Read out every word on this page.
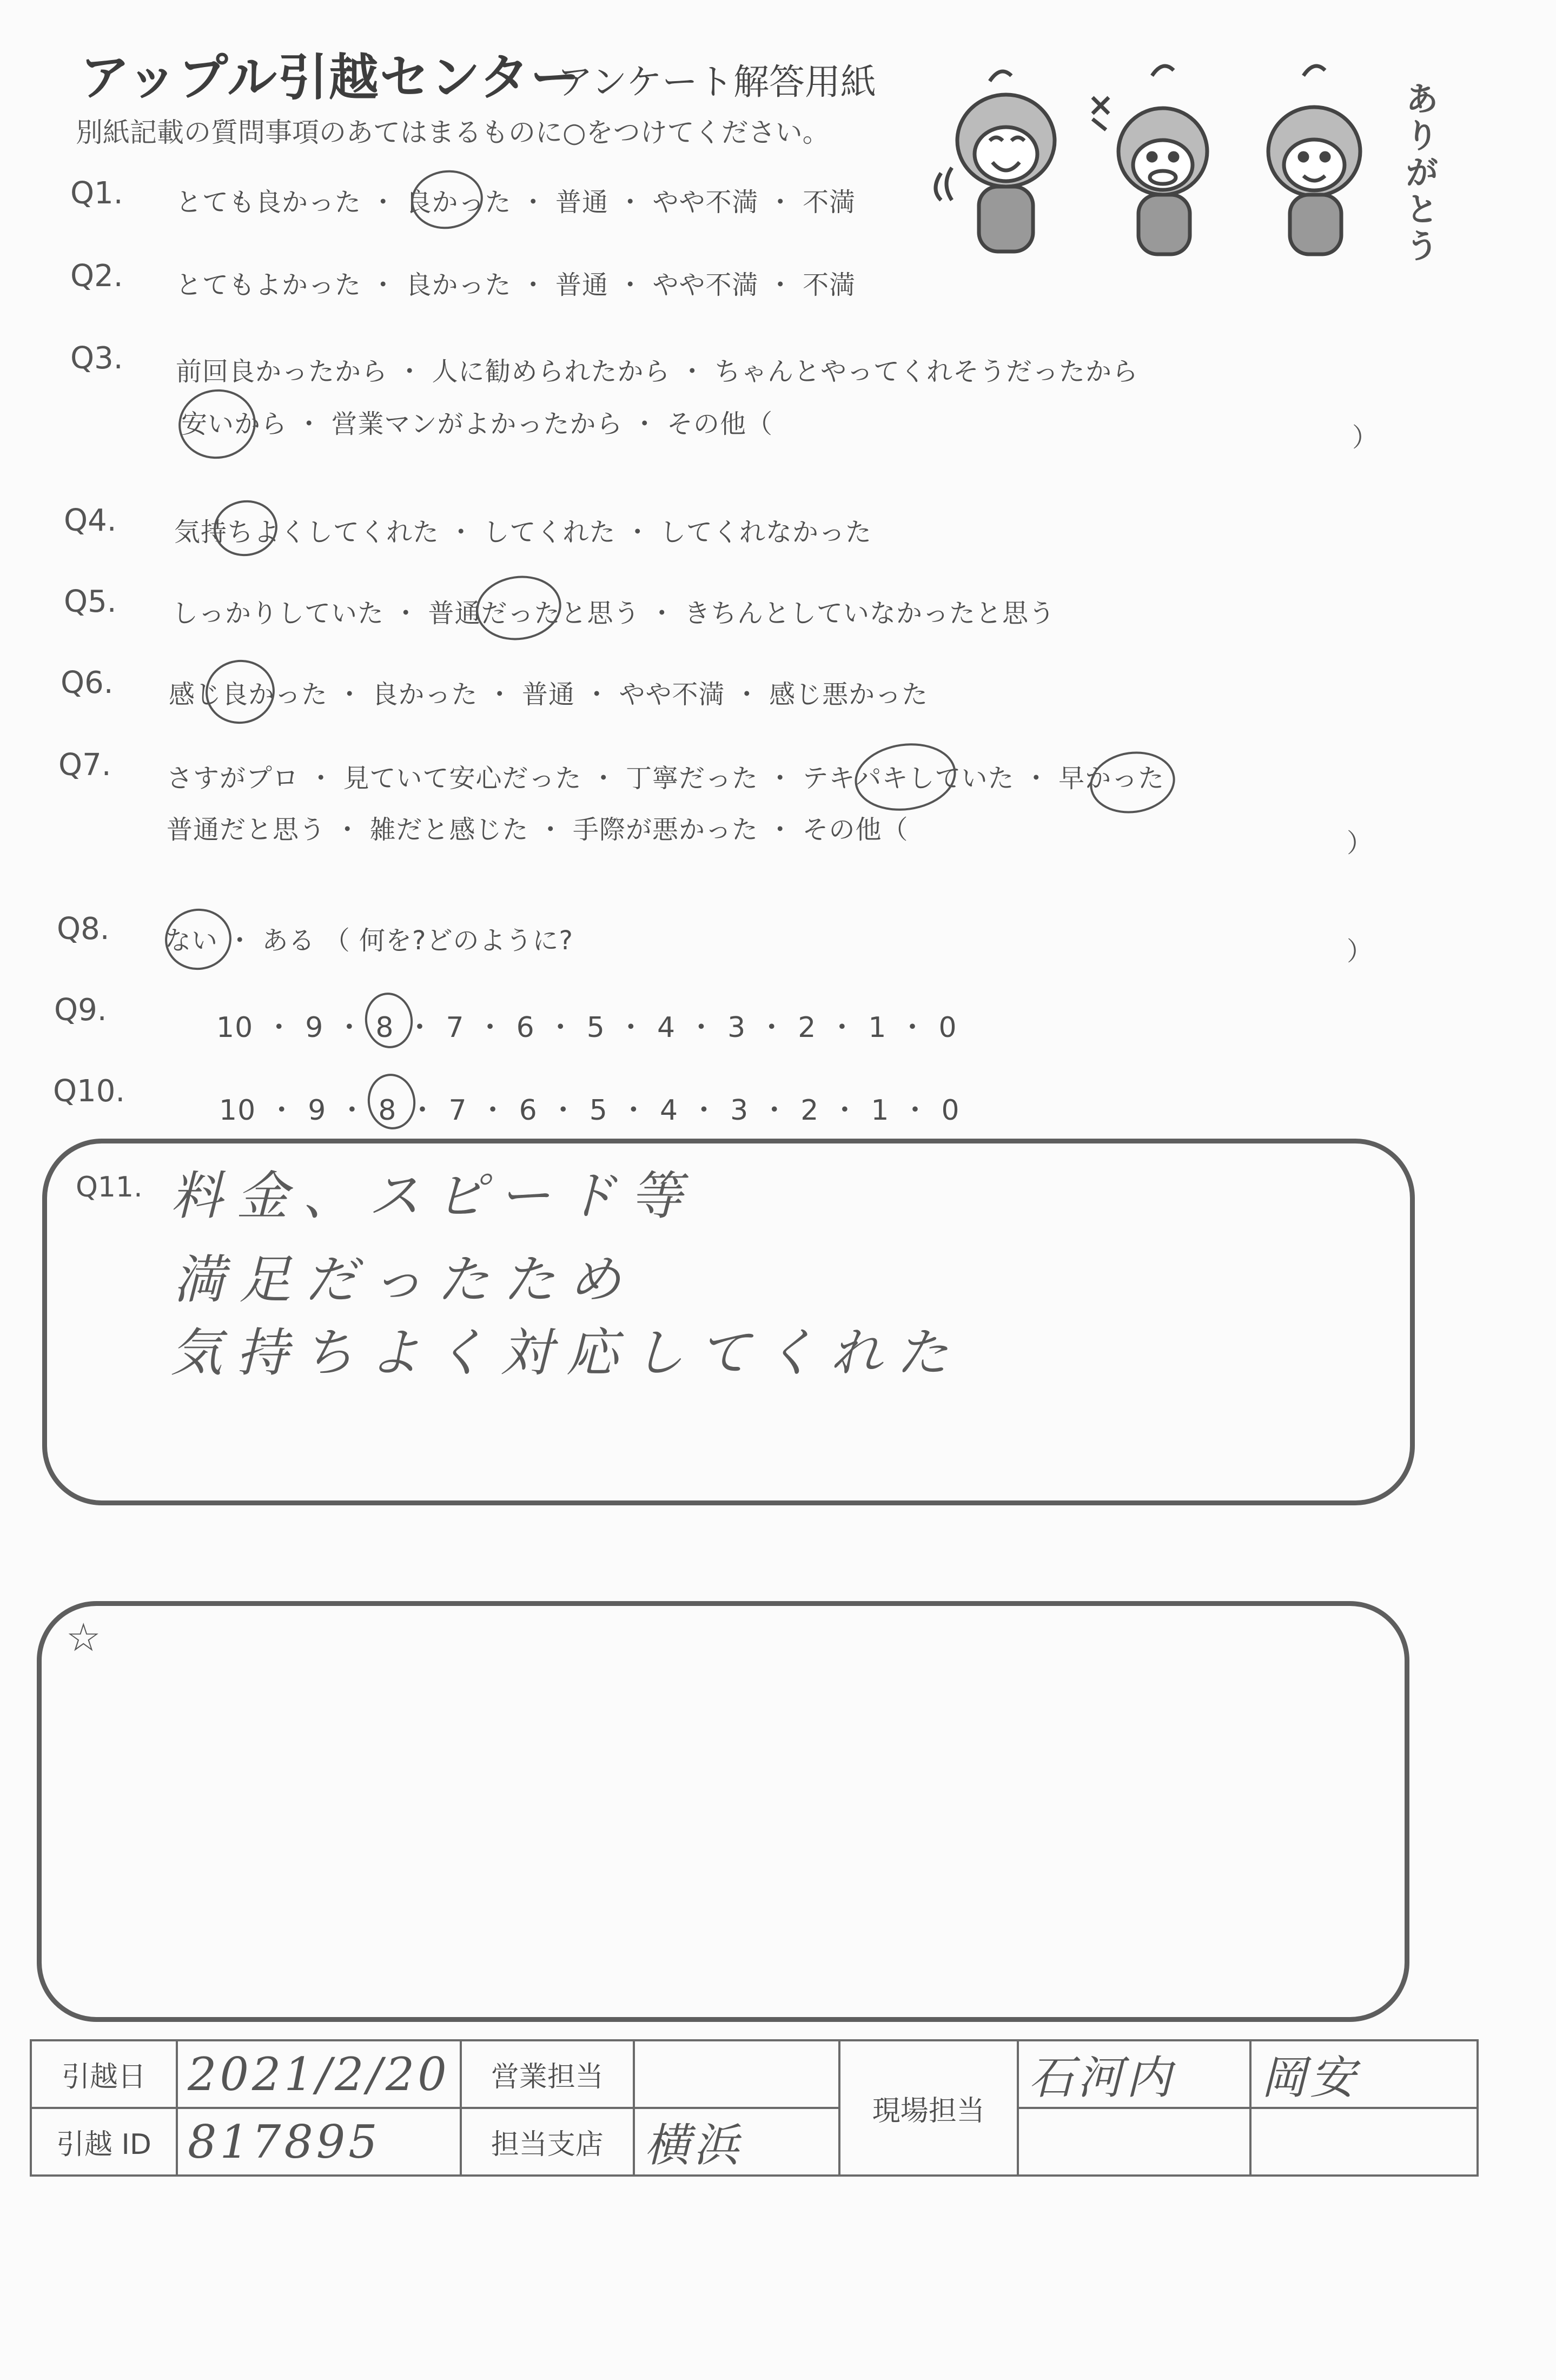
アップル引越センター
アンケート解答用紙
別紙記載の質問事項のあてはまるものに○をつけてください。	ありがとう
Q1. とても良かった ・ 良かった ・ 普通 ・ やや不満 ・ 不満
Q2. とてもよかった ・ 良かった ・ 普通 ・ やや不満 ・ 不満
Q3. 前回良かったから ・ 人に勧められたから ・ ちゃんとやってくれそうだったから
安いから ・ 営業マンがよかったから ・ その他（	）
Q4. 気持ちよくしてくれた ・ してくれた ・ してくれなかった
Q5. しっかりしていた ・ 普通だったと思う ・ きちんとしていなかったと思う
Q6. 感じ良かった ・ 良かった ・ 普通 ・ やや不満 ・ 感じ悪かった
Q7. さすがプロ ・ 見ていて安心だった ・ 丁寧だった ・ テキパキしていた ・ 早かった
普通だと思う ・ 雑だと感じた ・ 手際が悪かった ・ その他（	）
Q8. ない ・ ある （ 何を?どのように?	）
Q9.	10 ・ 9 ・ 8 ・ 7 ・ 6 ・ 5 ・ 4 ・ 3 ・ 2 ・ 1 ・ 0
Q10.
10 ・ 9 ・ 8 ・ 7 ・ 6 ・ 5 ・ 4 ・ 3 ・ 2 ・ 1 ・ 0
Q11. 料金、スピード等
満足だったため
気持ちよく対応してくれた
☆
引越日	2021/2/20	営業担当		現場担当	石河内	岡安
引越 ID	817895	担当支店	横浜			
